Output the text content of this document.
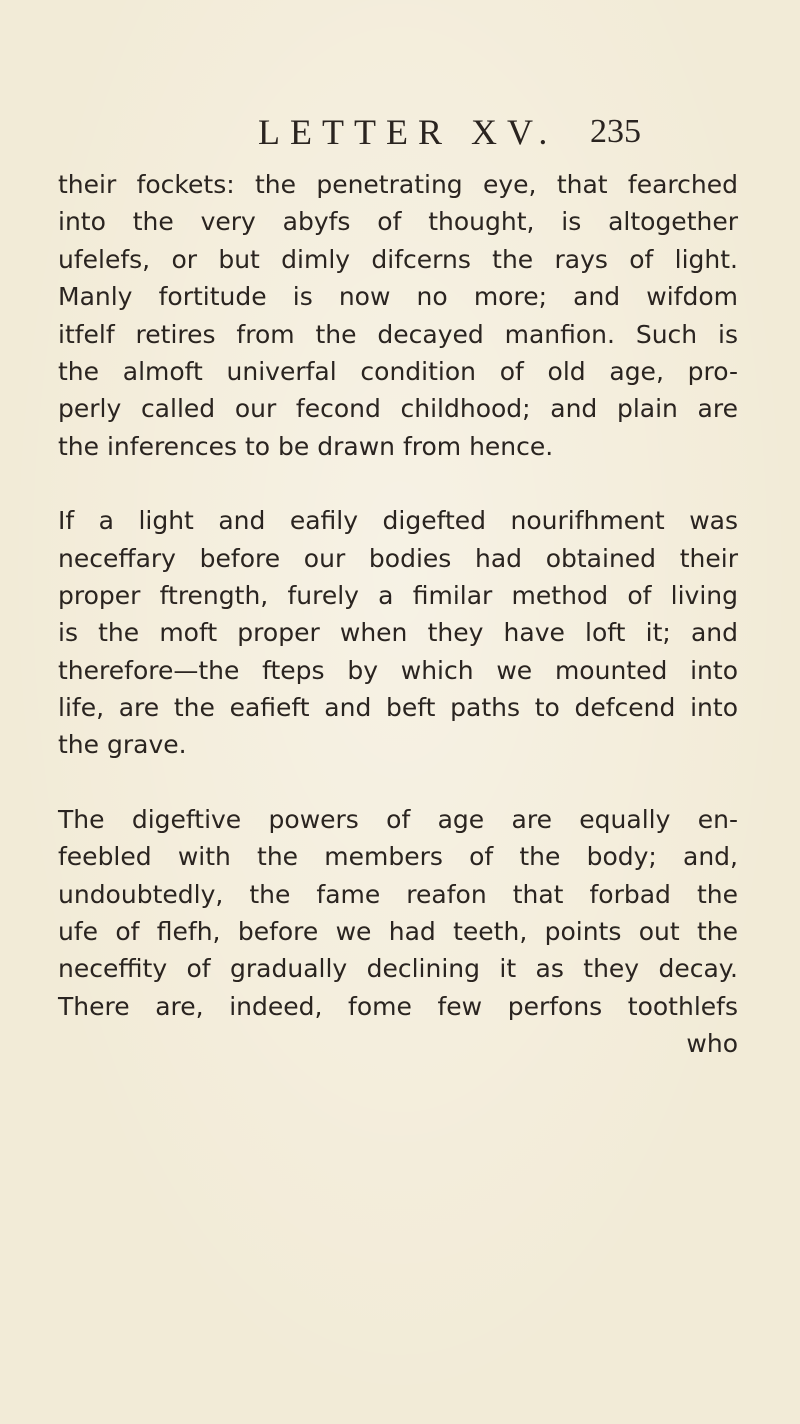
LETTER XV. 235
their fockets: the penetrating eye, that fearched
into the very abyfs of thought, is altogether
ufelefs, or but dimly difcerns the rays of light.
Manly fortitude is now no more; and wifdom
itfelf retires from the decayed manfion. Such is
the almoft univerfal condition of old age, pro-
perly called our fecond childhood; and plain are
the inferences to be drawn from hence.
If a light and eafily digefted nourifhment was
neceffary before our bodies had obtained their
proper ftrength, furely a fimilar method of living
is the moft proper when they have loft it; and
therefore—the fteps by which we mounted into
life, are the eafieft and beft paths to defcend into
the grave.
The digeftive powers of age are equally en-
feebled with the members of the body; and,
undoubtedly, the fame reafon that forbad the
ufe of flefh, before we had teeth, points out the
neceffity of gradually declining it as they decay.
There are, indeed, fome few perfons toothlefs
who
